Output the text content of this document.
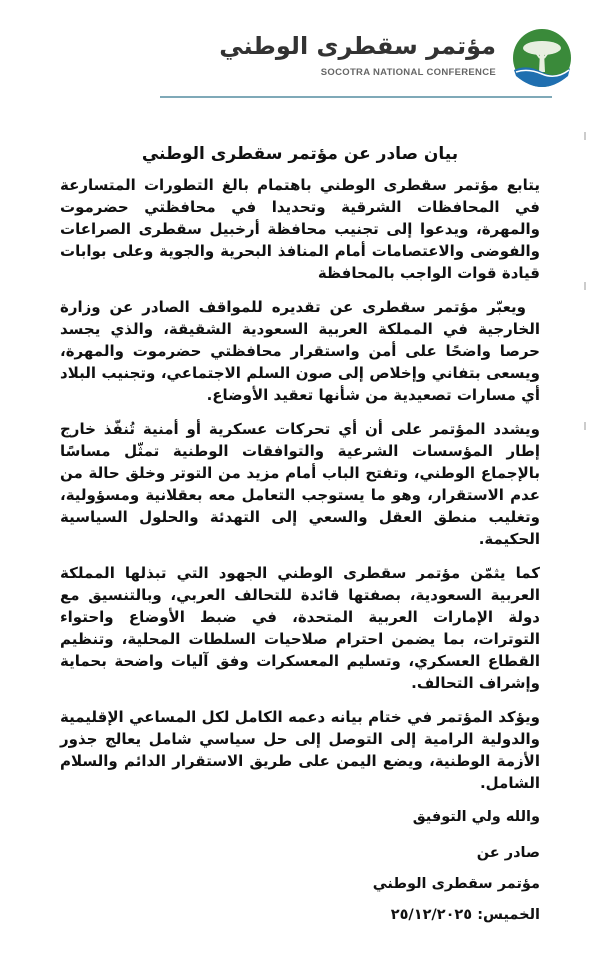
مؤتمر سقطرى الوطني
SOCOTRA NATIONAL CONFERENCE
بيان صادر عن مؤتمر سقطرى الوطني

يتابع مؤتمر سقطرى الوطني باهتمام بالغ التطورات المتسارعة في المحافظات الشرقية وتحديدا في محافظتي حضرموت والمهرة، ويدعوا إلى تجنيب محافظة أرخبيل سقطرى الصراعات والفوضى والاعتصامات أمام المنافذ البحرية والجوية وعلى بوابات قيادة قوات الواجب بالمحافظة

ويعبّر مؤتمر سقطرى عن تقديره للمواقف الصادر عن وزارة الخارجية في المملكة العربية السعودية الشقيقة، والذي يجسد حرصا واضحًا على أمن واستقرار محافظتي حضرموت والمهرة، ويسعى بتفاني وإخلاص إلى صون السلم الاجتماعي، وتجنيب البلاد أي مسارات تصعيدية من شأنها تعقيد الأوضاع.

ويشدد المؤتمر على أن أي تحركات عسكرية أو أمنية تُنفّذ خارج إطار المؤسسات الشرعية والتوافقات الوطنية تمثّل مساسًا بالإجماع الوطني، وتفتح الباب أمام مزيد من التوتر وخلق حالة من عدم الاستقرار، وهو ما يستوجب التعامل معه بعقلانية ومسؤولية، وتغليب منطق العقل والسعي إلى التهدئة والحلول السياسية الحكيمة.

كما يثمّن مؤتمر سقطرى الوطني الجهود التي تبذلها المملكة العربية السعودية، بصفتها قائدة للتحالف العربي، وبالتنسيق مع دولة الإمارات العربية المتحدة، في ضبط الأوضاع واحتواء التوترات، بما يضمن احترام صلاحيات السلطات المحلية، وتنظيم القطاع العسكري، وتسليم المعسكرات وفق آليات واضحة بحماية وإشراف التحالف.

ويؤكد المؤتمر في ختام بيانه دعمه الكامل لكل المساعي الإقليمية والدولية الرامية إلى التوصل إلى حل سياسي شامل يعالج جذور الأزمة الوطنية، ويضع اليمن على طريق الاستقرار الدائم والسلام الشامل.

والله ولي التوفيق
صادر عن
مؤتمر سقطرى الوطني
الخميس: ٢٥/١٢/٢٠٢٥
